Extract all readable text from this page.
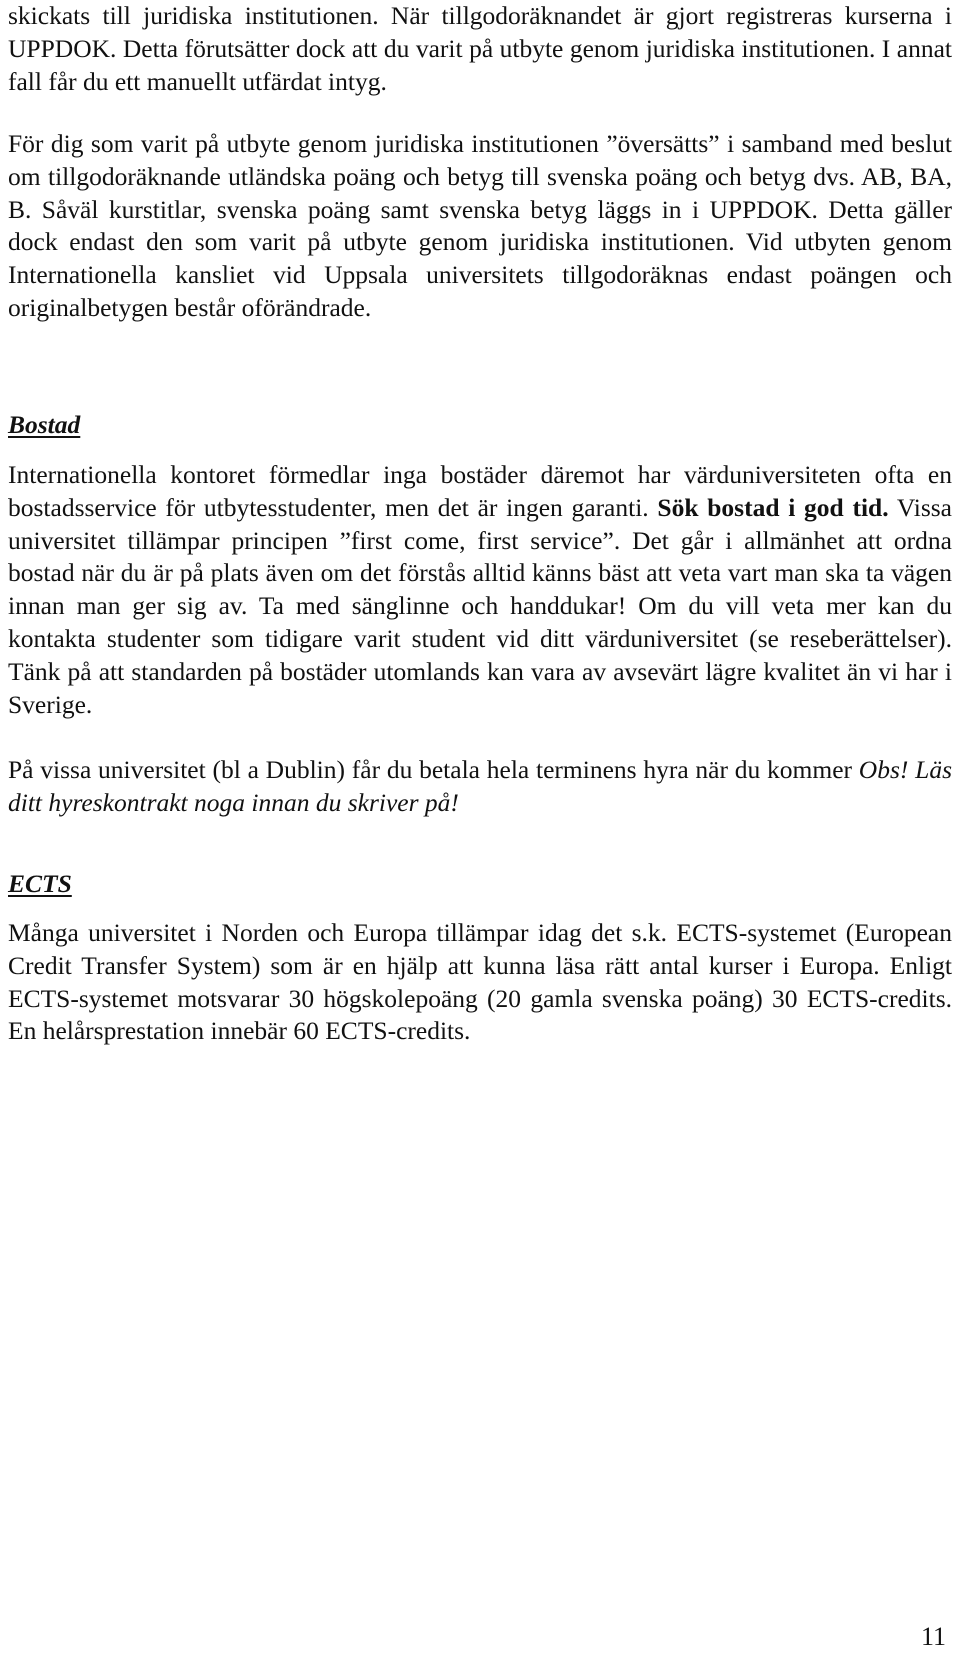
skickats till juridiska institutionen. När tillgodoräknandet är gjort registreras kurserna i UPPDOK. Detta förutsätter dock att du varit på utbyte genom juridiska institutionen. I annat fall får du ett manuellt utfärdat intyg.

För dig som varit på utbyte genom juridiska institutionen ”översätts” i samband med beslut om tillgodoräknande utländska poäng och betyg till svenska poäng och betyg dvs. AB, BA, B. Såväl kurstitlar, svenska poäng samt svenska betyg läggs in i UPPDOK. Detta gäller dock endast den som varit på utbyte genom juridiska institutionen. Vid utbyten genom Internationella kansliet vid Uppsala universitets tillgodoräknas endast poängen och originalbetygen består oförändrade.

Bostad

Internationella kontoret förmedlar inga bostäder däremot har värduniversiteten ofta en bostadsservice för utbytesstudenter, men det är ingen garanti. Sök bostad i god tid. Vissa universitet tillämpar principen ”first come, first service”. Det går i allmänhet att ordna bostad när du är på plats även om det förstås alltid känns bäst att veta vart man ska ta vägen innan man ger sig av. Ta med sänglinne och handdukar! Om du vill veta mer kan du kontakta studenter som tidigare varit student vid ditt värduniversitet (se reseberättelser). Tänk på att standarden på bostäder utomlands kan vara av avsevärt lägre kvalitet än vi har i Sverige.

På vissa universitet (bl a Dublin) får du betala hela terminens hyra när du kommer Obs! Läs ditt hyreskontrakt noga innan du skriver på!

ECTS

Många universitet i Norden och Europa tillämpar idag det s.k. ECTS-systemet (European Credit Transfer System) som är en hjälp att kunna läsa rätt antal kurser i Europa. Enligt ECTS-systemet motsvarar 30 högskolepoäng (20 gamla svenska poäng) 30 ECTS-credits. En helårsprestation innebär 60 ECTS-credits.

11
